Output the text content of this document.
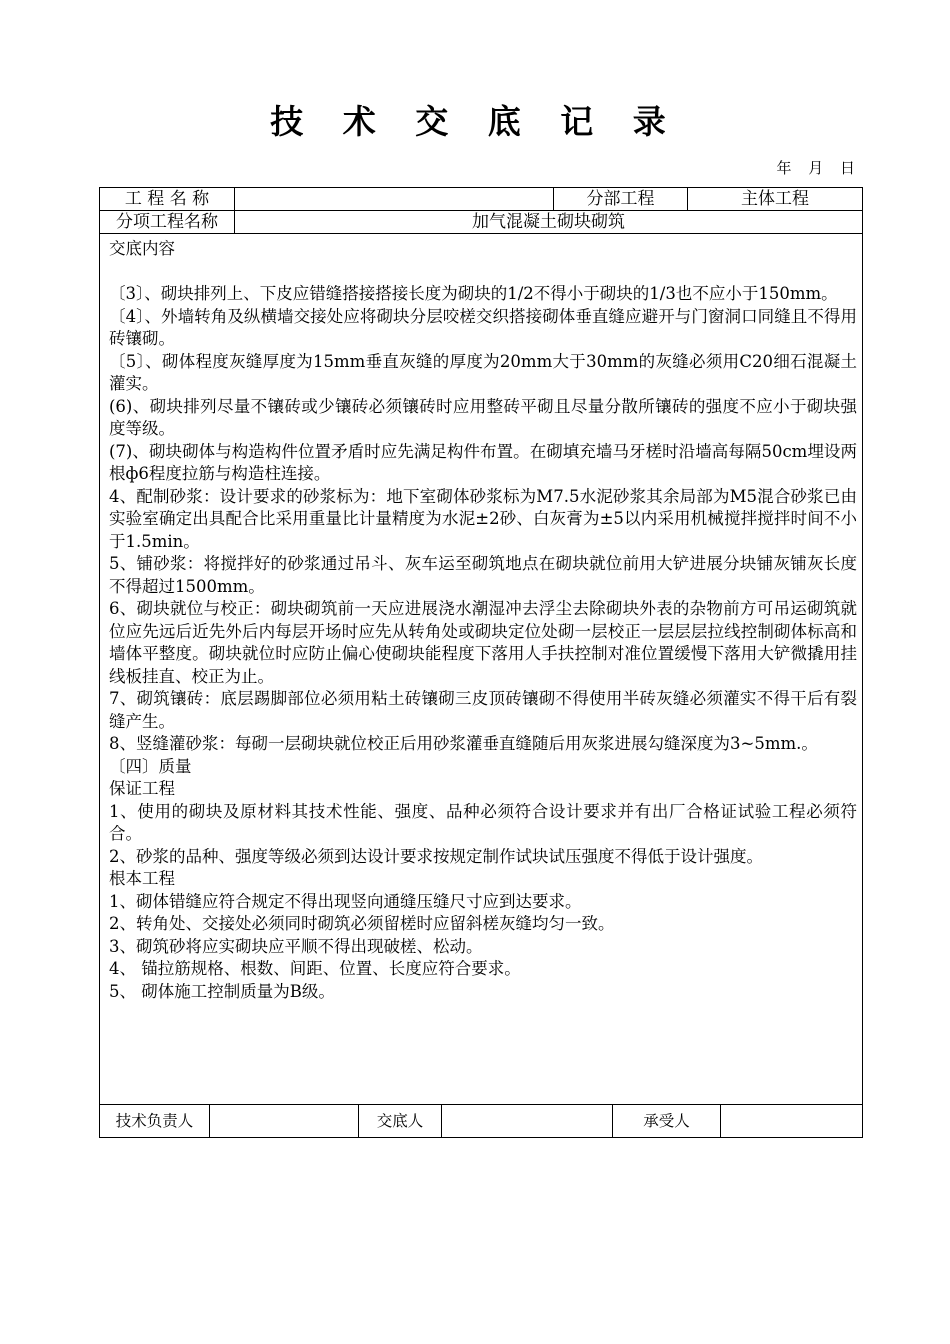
技 术 交 底 记 录
年 月 日
工 程 名 称	分部工程	主体工程
分项工程名称	加气混凝土砌块砌筑

交底内容

〔3〕、砌块排列上、下皮应错缝搭接搭接长度为砌块的1/2不得小于砌块的1/3也不应小于150mm。

〔4〕、外墙转角及纵横墙交接处应将砌块分层咬槎交织搭接砌体垂直缝应避开与门窗洞口同缝且不得用砖镶砌。

〔5〕、砌体程度灰缝厚度为15mm垂直灰缝的厚度为20mm大于30mm的灰缝必须用C20细石混凝土灌实。

(6)、砌块排列尽量不镶砖或少镶砖必须镶砖时应用整砖平砌且尽量分散所镶砖的强度不应小于砌块强度等级。

(7)、砌块砌体与构造构件位置矛盾时应先满足构件布置。在砌填充墙马牙槎时沿墙高每隔50cm埋设两根ф6程度拉筋与构造柱连接。

4、配制砂浆：设计要求的砂浆标为：地下室砌体砂浆标为M7.5水泥砂浆其余局部为M5混合砂浆已由实验室确定出具配合比采用重量比计量精度为水泥±2砂、白灰膏为±5以内采用机械搅拌搅拌时间不小于1.5min。

5、铺砂浆：将搅拌好的砂浆通过吊斗、灰车运至砌筑地点在砌块就位前用大铲进展分块铺灰铺灰长度不得超过1500mm。

6、砌块就位与校正：砌块砌筑前一天应进展浇水潮湿冲去浮尘去除砌块外表的杂物前方可吊运砌筑就位应先远后近先外后内每层开场时应先从转角处或砌块定位处砌一层校正一层层层拉线控制砌体标高和墙体平整度。砌块就位时应防止偏心使砌块能程度下落用人手扶控制对准位置缓慢下落用大铲微撬用挂线板挂直、校正为止。

7、砌筑镶砖：底层踢脚部位必须用粘土砖镶砌三皮顶砖镶砌不得使用半砖灰缝必须灌实不得干后有裂缝产生。

8、竖缝灌砂浆：每砌一层砌块就位校正后用砂浆灌垂直缝随后用灰浆进展勾缝深度为3~5mm.。

〔四〕质量

保证工程

1、使用的砌块及原材料其技术性能、强度、品种必须符合设计要求并有出厂合格证试验工程必须符合。

2、砂浆的品种、强度等级必须到达设计要求按规定制作试块试压强度不得低于设计强度。

根本工程

1、砌体错缝应符合规定不得出现竖向通缝压缝尺寸应到达要求。

2、转角处、交接处必须同时砌筑必须留槎时应留斜槎灰缝均匀一致。

3、砌筑砂将应实砌块应平顺不得出现破槎、松动。

4、 锚拉筋规格、根数、间距、位置、长度应符合要求。

5、 砌体施工控制质量为B级。

技术负责人	交底人	承受人
